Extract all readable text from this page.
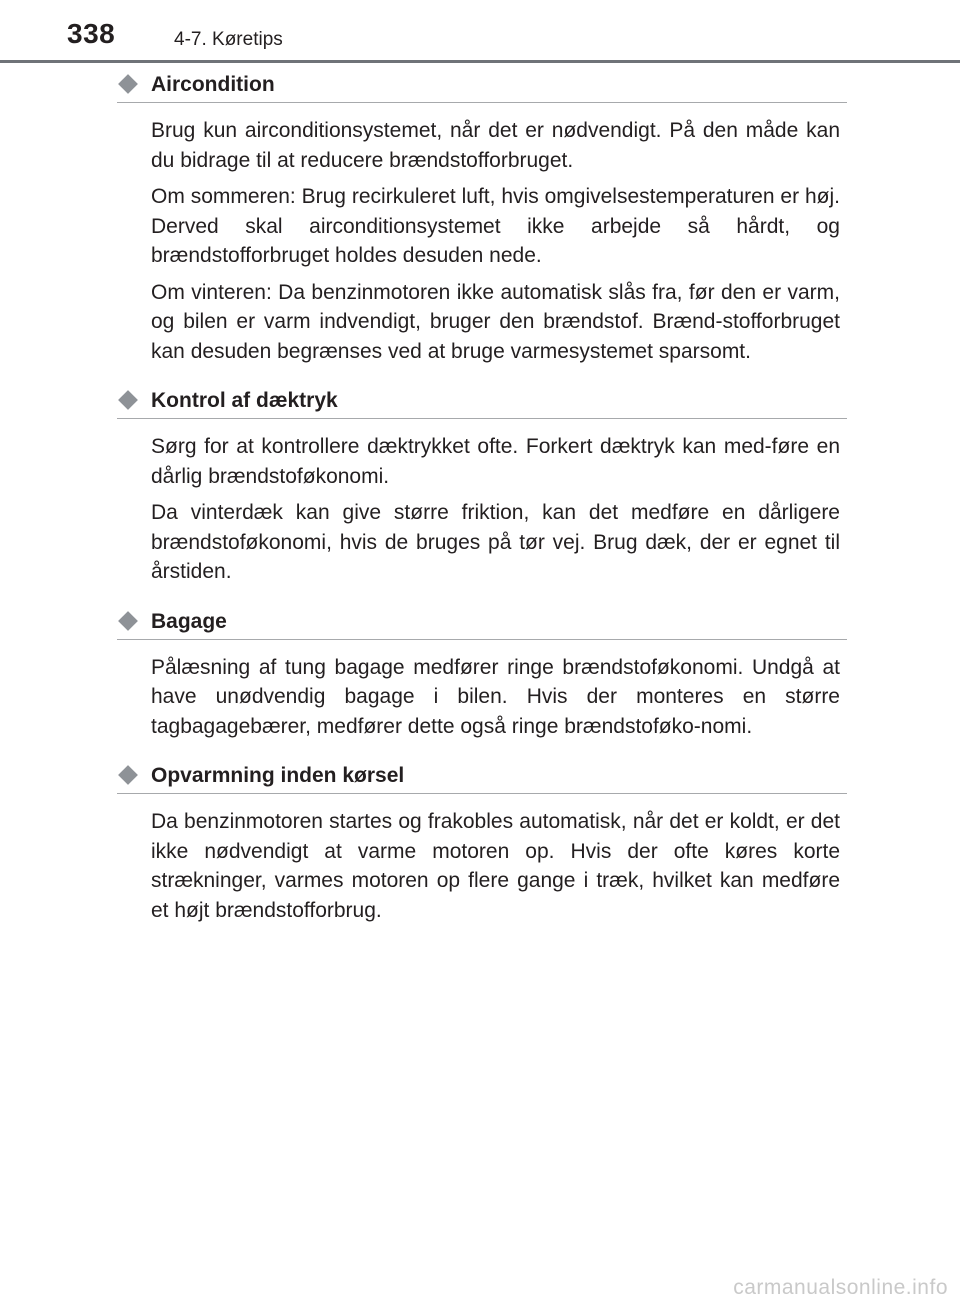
338	4-7. Køretips
Aircondition

Brug kun airconditionsystemet, når det er nødvendigt. På den måde kan du bidrage til at reducere brændstofforbruget.

Om sommeren: Brug recirkuleret luft, hvis omgivelsestemperaturen er høj. Derved skal airconditionsystemet ikke arbejde så hårdt, og brændstofforbruget holdes desuden nede.

Om vinteren: Da benzinmotoren ikke automatisk slås fra, før den er varm, og bilen er varm indvendigt, bruger den brændstof. Brænd-stofforbruget kan desuden begrænses ved at bruge varmesystemet sparsomt.

Kontrol af dæktryk

Sørg for at kontrollere dæktrykket ofte. Forkert dæktryk kan med-føre en dårlig brændstoføkonomi.

Da vinterdæk kan give større friktion, kan det medføre en dårligere brændstoføkonomi, hvis de bruges på tør vej. Brug dæk, der er egnet til årstiden.

Bagage

Pålæsning af tung bagage medfører ringe brændstoføkonomi. Undgå at have unødvendig bagage i bilen. Hvis der monteres en større tagbagagebærer, medfører dette også ringe brændstoføko-nomi.

Opvarmning inden kørsel

Da benzinmotoren startes og frakobles automatisk, når det er koldt, er det ikke nødvendigt at varme motoren op. Hvis der ofte køres korte strækninger, varmes motoren op flere gange i træk, hvilket kan medføre et højt brændstofforbrug.

carmanualsonline.info
